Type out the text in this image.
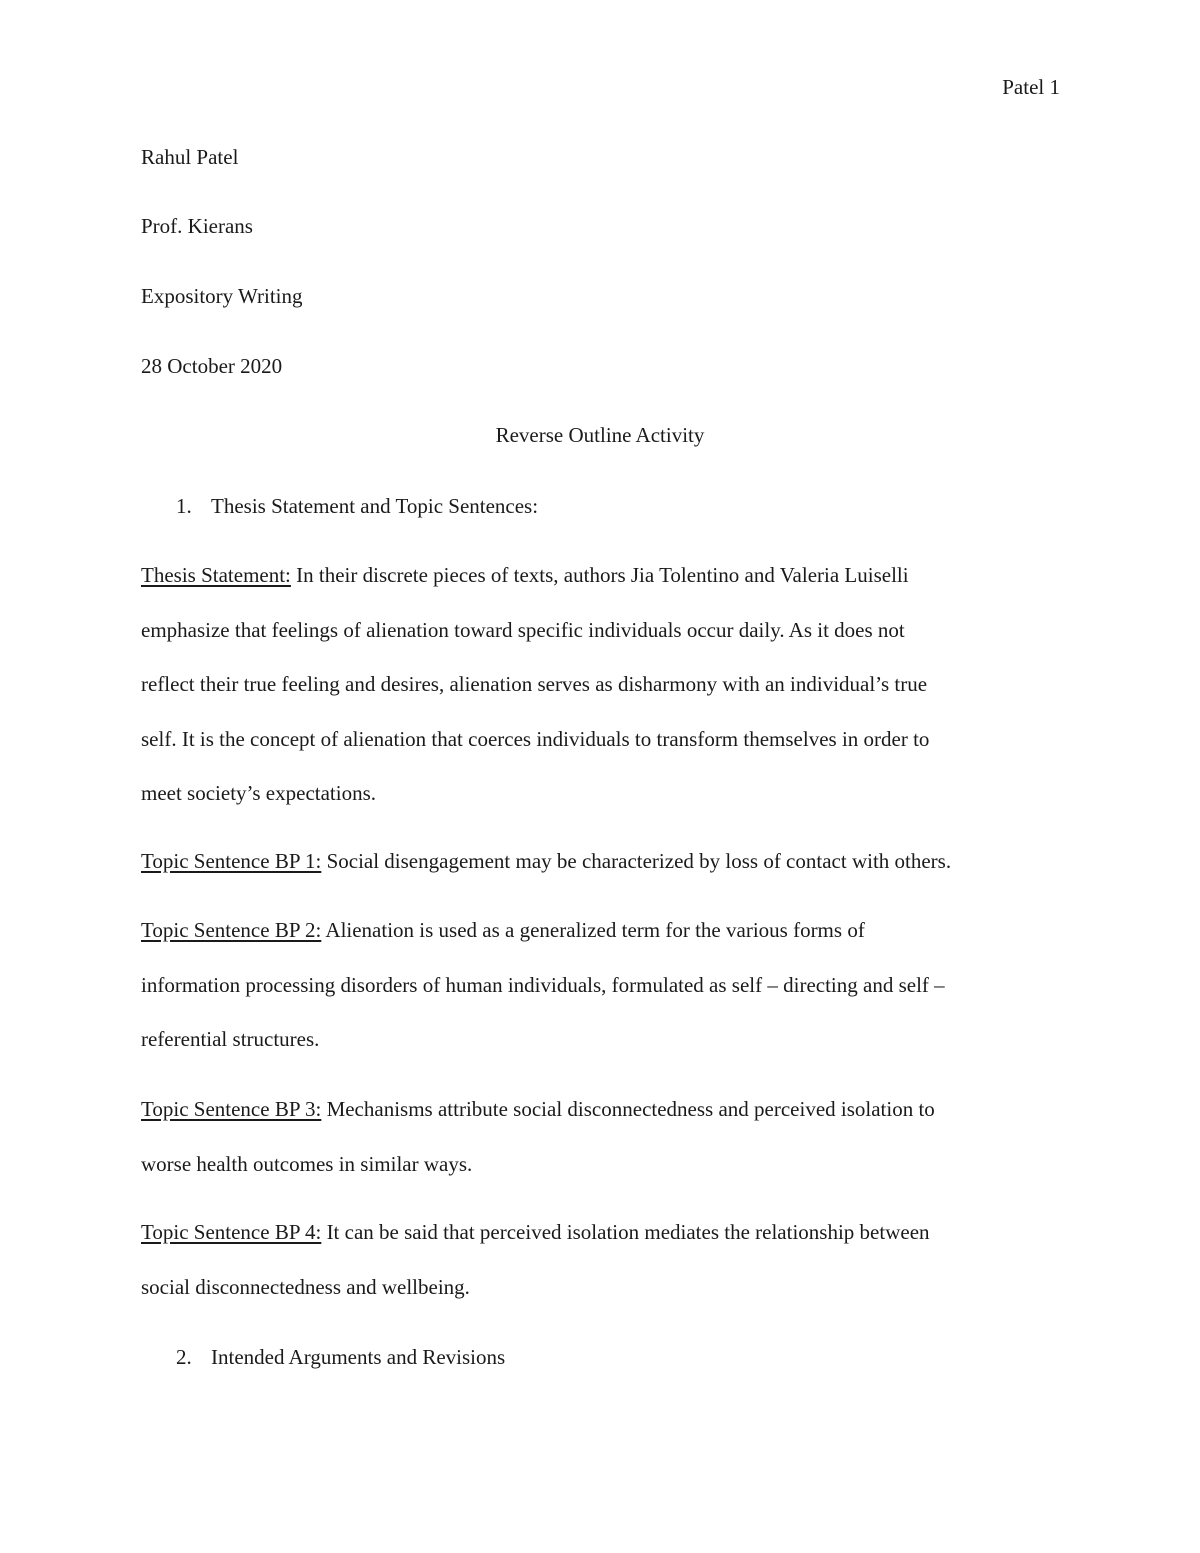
Patel 1
Rahul Patel
Prof. Kierans
Expository Writing
28 October 2020
Reverse Outline Activity
1. Thesis Statement and Topic Sentences:
Thesis Statement: In their discrete pieces of texts, authors Jia Tolentino and Valeria Luiselli
emphasize that feelings of alienation toward specific individuals occur daily. As it does not
reflect their true feeling and desires, alienation serves as disharmony with an individual’s true
self. It is the concept of alienation that coerces individuals to transform themselves in order to
meet society’s expectations.
Topic Sentence BP 1: Social disengagement may be characterized by loss of contact with others.
Topic Sentence BP 2: Alienation is used as a generalized term for the various forms of
information processing disorders of human individuals, formulated as self – directing and self –
referential structures.
Topic Sentence BP 3: Mechanisms attribute social disconnectedness and perceived isolation to
worse health outcomes in similar ways.
Topic Sentence BP 4: It can be said that perceived isolation mediates the relationship between
social disconnectedness and wellbeing.
2. Intended Arguments and Revisions
